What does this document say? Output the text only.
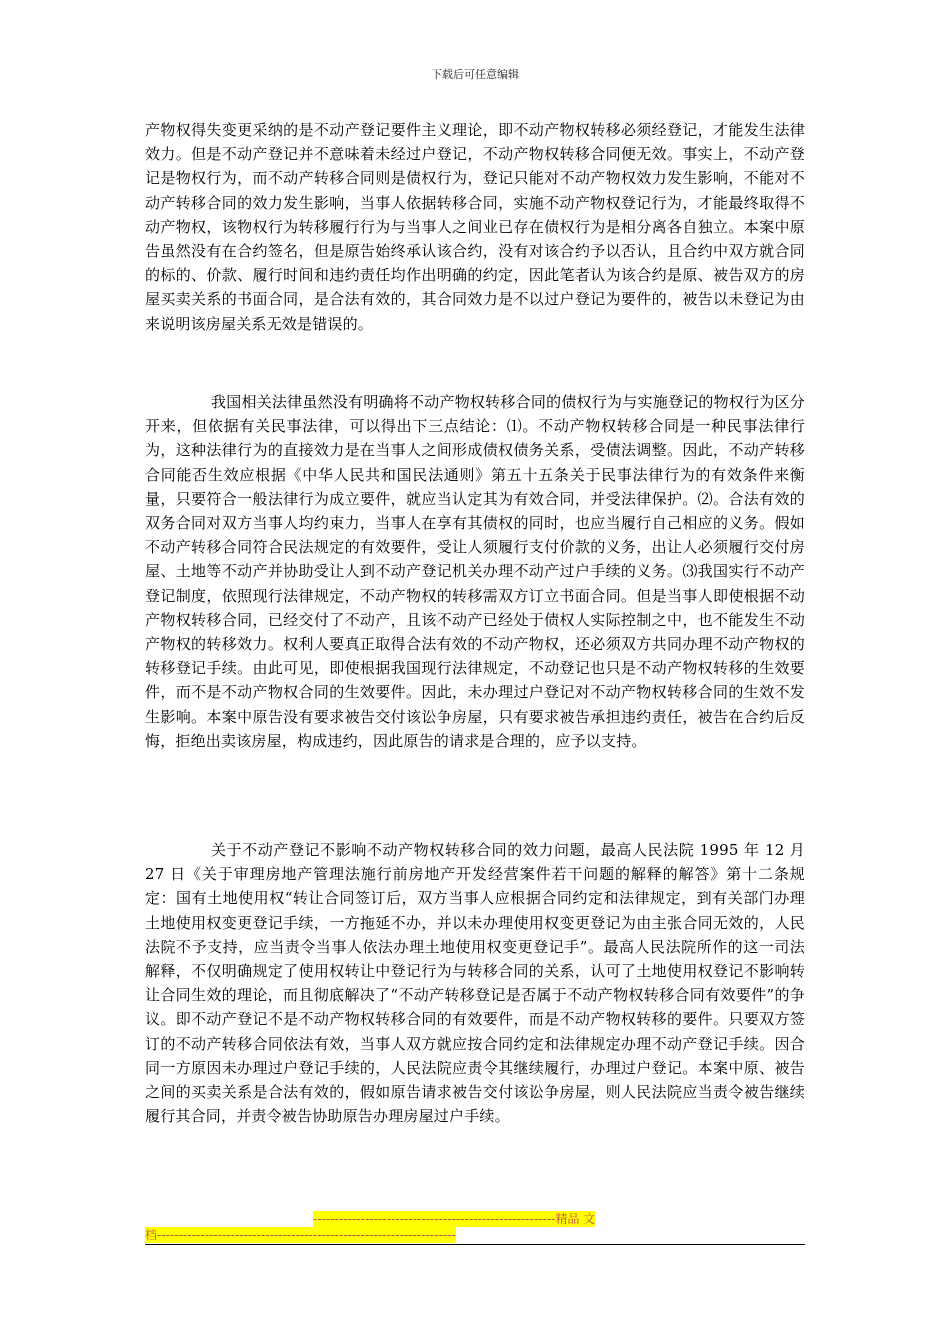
下载后可任意编辑

产物权得失变更采纳的是不动产登记要件主义理论，即不动产物权转移必须经登记，才能发生法律效力。但是不动产登记并不意味着未经过户登记，不动产物权转移合同便无效。事实上，不动产登记是物权行为，而不动产转移合同则是债权行为，登记只能对不动产物权效力发生影响，不能对不动产转移合同的效力发生影响，当事人依据转移合同，实施不动产物权登记行为，才能最终取得不动产物权，该物权行为转移履行行为与当事人之间业已存在债权行为是相分离各自独立。本案中原告虽然没有在合约签名，但是原告始终承认该合约，没有对该合约予以否认，且合约中双方就合同的标的、价款、履行时间和违约责任均作出明确的约定，因此笔者认为该合约是原、被告双方的房屋买卖关系的书面合同，是合法有效的，其合同效力是不以过户登记为要件的，被告以未登记为由来说明该房屋关系无效是错误的。

我国相关法律虽然没有明确将不动产物权转移合同的债权行为与实施登记的物权行为区分开来，但依据有关民事法律，可以得出下三点结论：⑴。不动产物权转移合同是一种民事法律行为，这种法律行为的直接效力是在当事人之间形成债权债务关系，受债法调整。因此，不动产转移合同能否生效应根据《中华人民共和国民法通则》第五十五条关于民事法律行为的有效条件来衡量，只要符合一般法律行为成立要件，就应当认定其为有效合同，并受法律保护。⑵。合法有效的双务合同对双方当事人均约束力，当事人在享有其债权的同时，也应当履行自己相应的义务。假如不动产转移合同符合民法规定的有效要件，受让人须履行支付价款的义务，出让人必须履行交付房屋、土地等不动产并协助受让人到不动产登记机关办理不动产过户手续的义务。⑶我国实行不动产登记制度，依照现行法律规定，不动产物权的转移需双方订立书面合同。但是当事人即使根据不动产物权转移合同，已经交付了不动产，且该不动产已经处于债权人实际控制之中，也不能发生不动产物权的转移效力。权利人要真正取得合法有效的不动产物权，还必须双方共同办理不动产物权的转移登记手续。由此可见，即使根据我国现行法律规定，不动登记也只是不动产物权转移的生效要件，而不是不动产物权合同的生效要件。因此，未办理过户登记对不动产物权转移合同的生效不发生影响。本案中原告没有要求被告交付该讼争房屋，只有要求被告承担违约责任，被告在合约后反悔，拒绝出卖该房屋，构成违约，因此原告的请求是合理的，应予以支持。

关于不动产登记不影响不动产物权转移合同的效力问题，最高人民法院 1995 年 12 月 27 日《关于审理房地产管理法施行前房地产开发经营案件若干问题的解释的解答》第十二条规定：国有土地使用权“转让合同签订后，双方当事人应根据合同约定和法律规定，到有关部门办理土地使用权变更登记手续，一方拖延不办，并以未办理使用权变更登记为由主张合同无效的，人民法院不予支持，应当责令当事人依法办理土地使用权变更登记手”。最高人民法院所作的这一司法解释，不仅明确规定了使用权转让中登记行为与转移合同的关系，认可了土地使用权登记不影响转让合同生效的理论，而且彻底解决了“不动产转移登记是否属于不动产物权转移合同有效要件”的争议。即不动产登记不是不动产物权转移合同的有效要件，而是不动产物权转移的要件。只要双方签订的不动产转移合同依法有效，当事人双方就应按合同约定和法律规定办理不动产登记手续。因合同一方原因未办理过户登记手续的，人民法院应责令其继续履行，办理过户登记。本案中原、被告之间的买卖关系是合法有效的，假如原告请求被告交付该讼争房屋，则人民法院应当责令被告继续履行其合同，并责令被告协助原告办理房屋过户手续。

--------------------------------------------------------精品 文
档---------------------------------------------------------------------
